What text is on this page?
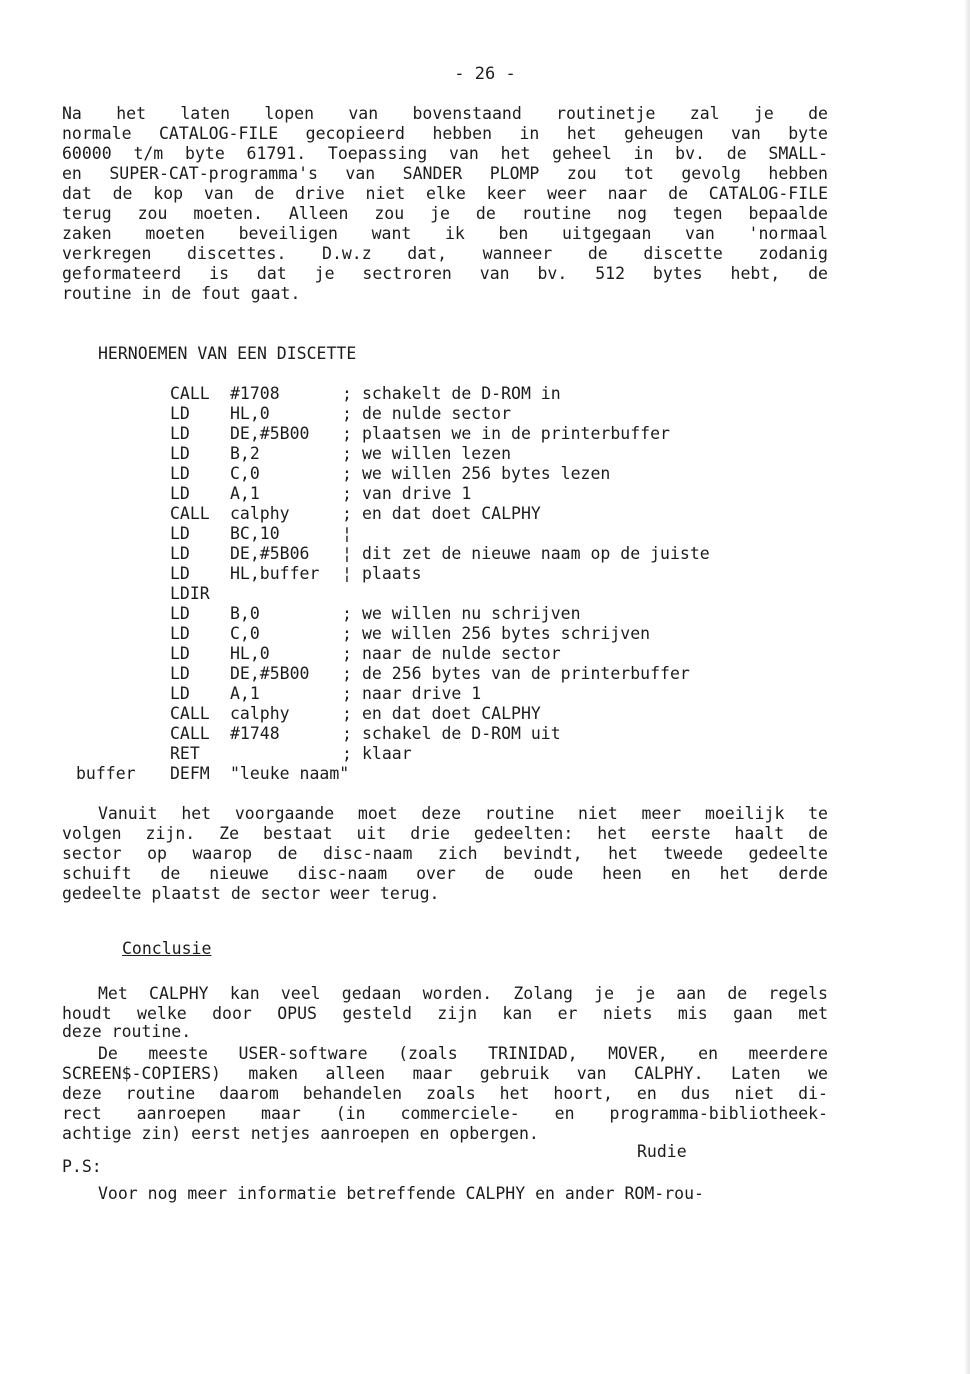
- 26 -
Na het laten lopen van bovenstaand routinetje zal je de
normale CATALOG-FILE gecopieerd hebben in het geheugen van byte
60000 t/m byte 61791. Toepassing van het geheel in bv. de SMALL-
en SUPER-CAT-programma's van SANDER PLOMP zou tot gevolg hebben
dat de kop van de drive niet elke keer weer naar de CATALOG-FILE
terug zou moeten. Alleen zou je de routine nog tegen bepaalde
zaken moeten beveiligen want ik ben uitgegaan van 'normaal
verkregen discettes. D.w.z dat, wanneer de discette zodanig
geformateerd is dat je sectroren van bv. 512 bytes hebt, de
routine in de fout gaat.
HERNOEMEN VAN EEN DISCETTE
CALL #1708	; schakelt de D-ROM in
LD HL,0	; de nulde sector
LD DE,#5B00 ; plaatsen we in de printerbuffer
LD B,2	; we willen lezen
LD C,0	; we willen 256 bytes lezen
LD A,1	; van drive 1
CALL calphy	; en dat doet CALPHY
LD BC,10	¦
LD DE,#5B06 ¦ dit zet de nieuwe naam op de juiste
LD HL,buffer ¦ plaats
LDIR
LD B,0	; we willen nu schrijven
LD C,0	; we willen 256 bytes schrijven
LD HL,0	; naar de nulde sector
LD DE,#5B00 ; de 256 bytes van de printerbuffer
LD A,1	; naar drive 1
CALL calphy	; en dat doet CALPHY
CALL #1748	; schakel de D-ROM uit
RET	; klaar
buffer DEFM "leuke naam"
Vanuit het voorgaande moet deze routine niet meer moeilijk te
volgen zijn. Ze bestaat uit drie gedeelten: het eerste haalt de
sector op waarop de disc-naam zich bevindt, het tweede gedeelte
schuift de nieuwe disc-naam over de oude heen en het derde
gedeelte plaatst de sector weer terug.
Conclusie
Met CALPHY kan veel gedaan worden. Zolang je je aan de regels
houdt welke door OPUS gesteld zijn kan er niets mis gaan met
deze routine.
De meeste USER-software (zoals TRINIDAD, MOVER, en meerdere
SCREEN$-COPIERS) maken alleen maar gebruik van CALPHY. Laten we
deze routine daarom behandelen zoals het hoort, en dus niet di-
rect aanroepen maar (in commerciele- en programma-bibliotheek-
achtige zin) eerst netjes aanroepen en opbergen.
Rudie
P.S:
Voor nog meer informatie betreffende CALPHY en ander ROM-rou-
